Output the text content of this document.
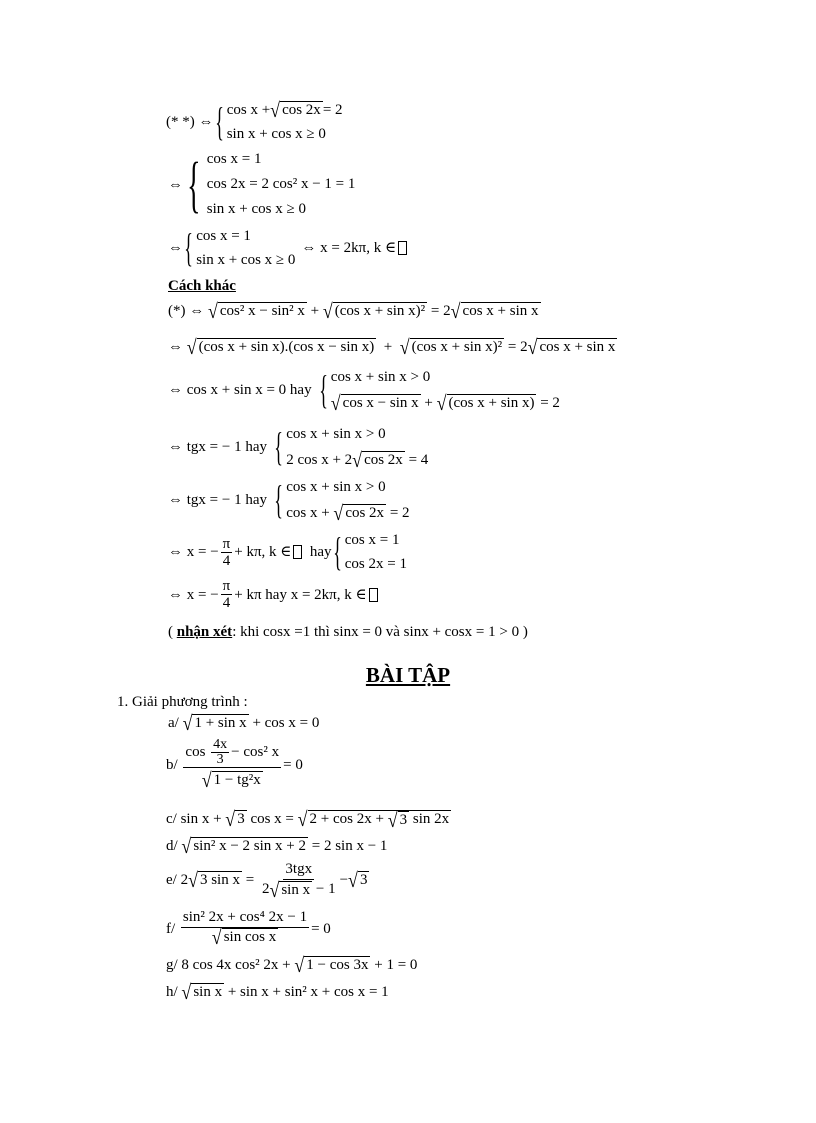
(* *) ⇔ { cos x + √ cos 2x = 2
sin x + cos x ≥ 0
⇔ { cos x = 1
cos 2x = 2 cos² x − 1 = 1
sin x + cos x ≥ 0
⇔ { cos x = 1
sin x + cos x ≥ 0
⇔ x = 2kπ, k ∈
Cách khác
(*) ⇔
√ cos² x − sin² x
+
√ (cos x + sin x)²
= 2 √ cos x + sin x
⇔
√ (cos x + sin x).(cos x − sin x)
+
√ (cos x + sin x)²
= 2 √ cos x + sin x
⇔ cos x + sin x = 0 hay { cos x + sin x > 0
√ cos x − sin x
+
√ (cos x + sin x)
= 2
⇔ tgx = − 1 hay { cos x + sin x > 0
2 cos x + 2 √ cos 2x
= 4
⇔ tgx = − 1 hay { cos x + sin x > 0
cos x +
√ cos 2x
= 2
⇔ x = − $\frac{\pi}{4} + k\pi$, k ∈
hay { cos x = 1
cos 2x = 1
⇔ x = − $\frac{\pi}{4} + k\pi$ hay x = 2kπ, k ∈
(
nhận xét : khi cosx =1 thì sinx = 0 và sinx + cosx = 1 > 0 )
BÀI TẬP
1. Giải phương trình :
a/
√ 1 + sin x
+ cos x = 0
b/
cos
$\frac{4x}{3} - \cos^2$ x
√ 1 − tg²x = 0
c/
sin x +
√ 3
cos x =
√ 2 + cos 2x +
√ 3
sin 2x
d/
√ sin² x − 2 sin x + 2
= 2 sin x − 1
e/
2 √ 3 sin x
=
3tgx
2 √ sin x
− 1 − √ 3
f/
$\frac{\text{sin² 2x + cos⁴ 2x − 1}}{\text{√ sin cos x}} = 0$
g/
8 cos 4x cos² 2x +
√ 1 − cos 3x
+ 1 = 0
h/
√ sin x
+ sin x + sin² x + cos x = 1
